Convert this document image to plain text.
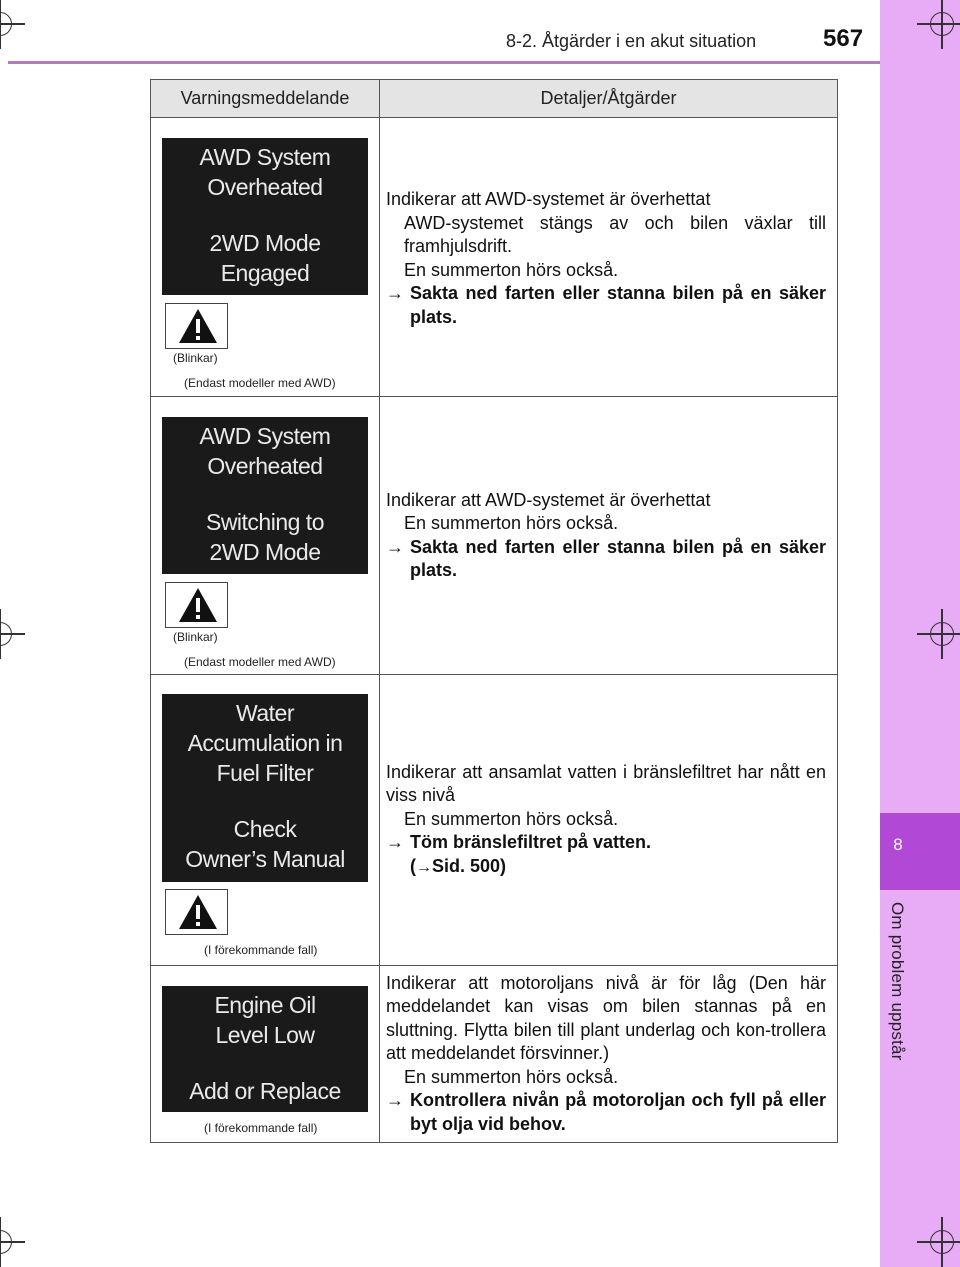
8-2. Åtgärder i en akut situation	567
8
Om problem uppstår
Varningsmeddelande	Detaljer/Åtgärder
AWD System
Overheated
2WD Mode
Engaged
(Blinkar)
(Endast modeller med AWD)

Indikerar att AWD-systemet är överhettat

AWD-systemet stängs av och bilen växlar till framhjulsdrift.

En summerton hörs också.

→ Sakta ned farten eller stanna bilen på en säker plats.
AWD System
Overheated
Switching to
2WD Mode
(Blinkar)
(Endast modeller med AWD)

Indikerar att AWD-systemet är överhettat

En summerton hörs också.

→ Sakta ned farten eller stanna bilen på en säker plats.
Water
Accumulation in
Fuel Filter
Check
Owner’s Manual
(I förekommande fall)

Indikerar att ansamlat vatten i bränslefiltret har nått en viss nivå

En summerton hörs också.

→ Töm bränslefiltret på vatten.
(→Sid. 500)
Engine Oil
Level Low
Add or Replace
(I förekommande fall)

Indikerar att motoroljans nivå är för låg (Den här meddelandet kan visas om bilen stannas på en sluttning. Flytta bilen till plant underlag och kon-trollera att meddelandet försvinner.)

En summerton hörs också.

→ Kontrollera nivån på motoroljan och fyll på eller byt olja vid behov.
